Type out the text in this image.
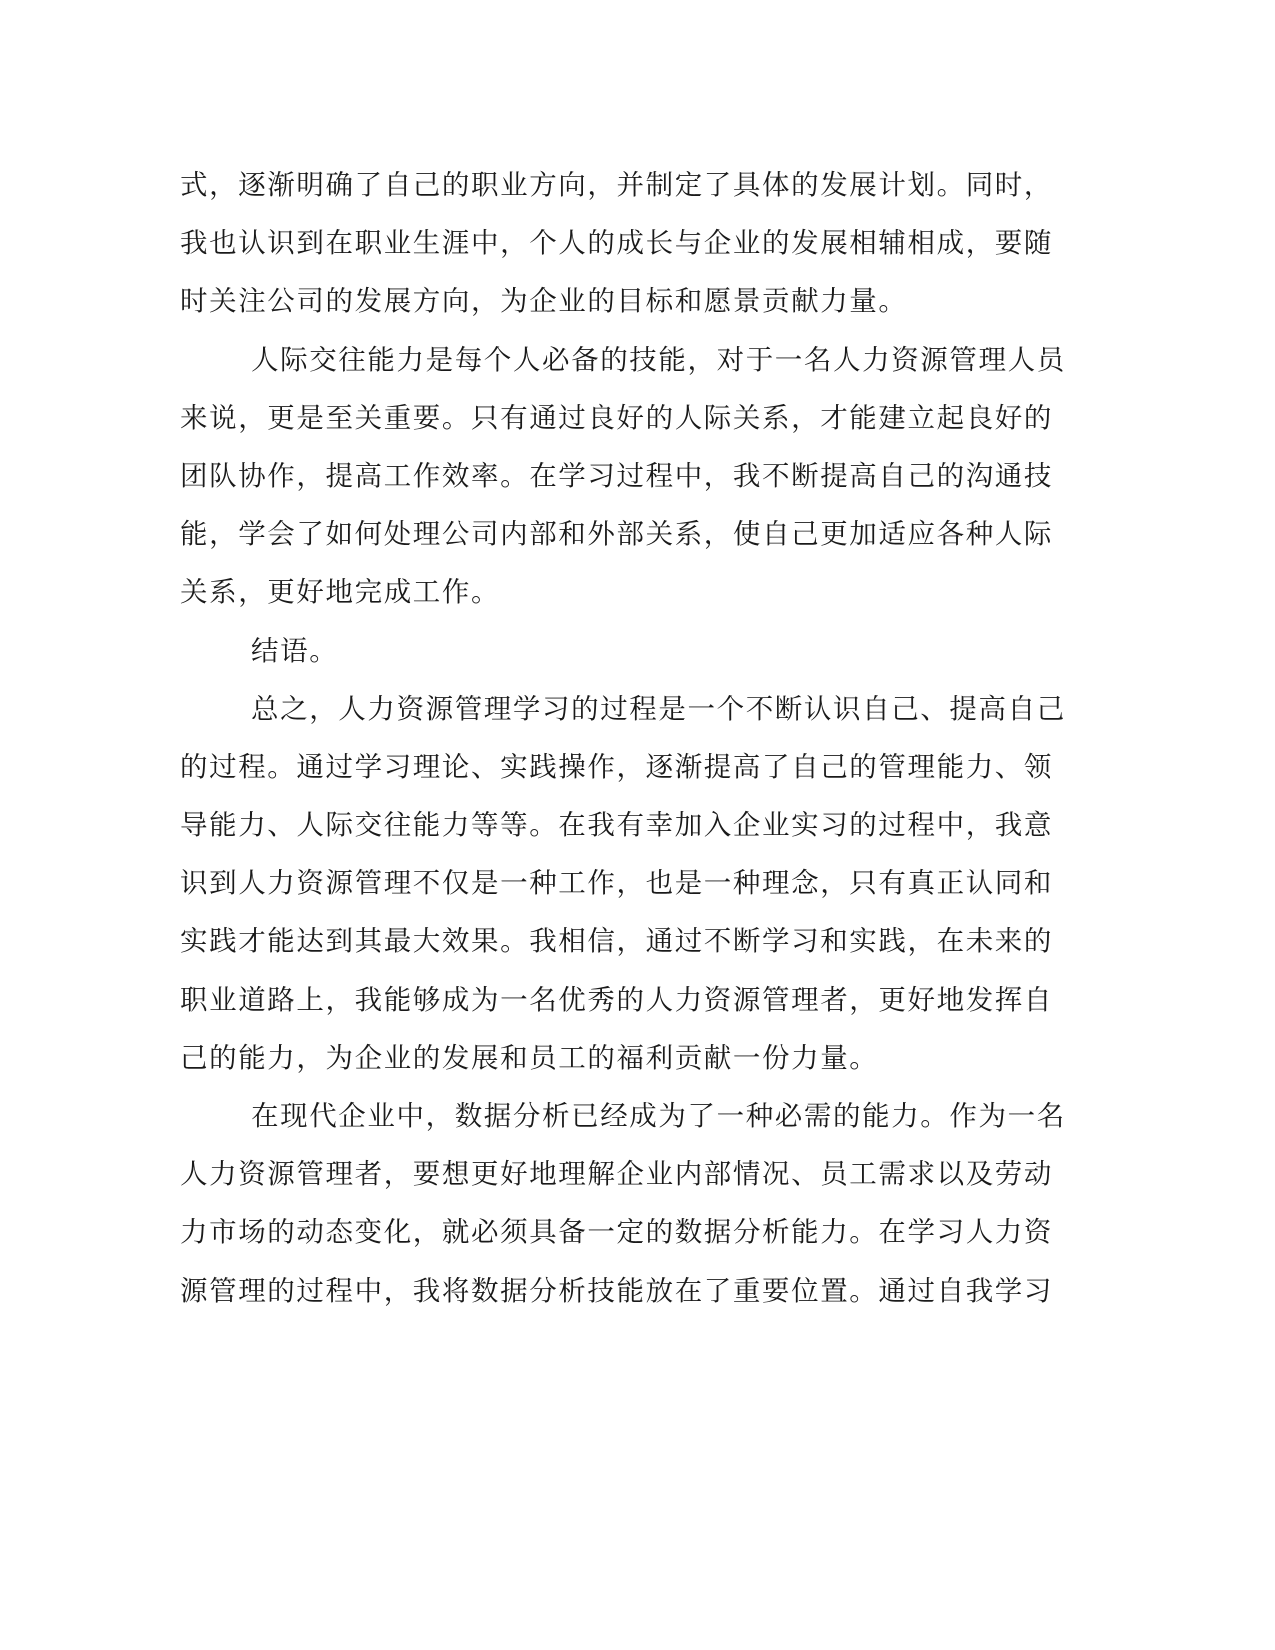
式，逐渐明确了自己的职业方向，并制定了具体的发展计划。同时，
我也认识到在职业生涯中，个人的成长与企业的发展相辅相成，要随
时关注公司的发展方向，为企业的目标和愿景贡献力量。
人际交往能力是每个人必备的技能，对于一名人力资源管理人员
来说，更是至关重要。只有通过良好的人际关系，才能建立起良好的
团队协作，提高工作效率。在学习过程中，我不断提高自己的沟通技
能，学会了如何处理公司内部和外部关系，使自己更加适应各种人际
关系，更好地完成工作。
结语。
总之，人力资源管理学习的过程是一个不断认识自己、提高自己
的过程。通过学习理论、实践操作，逐渐提高了自己的管理能力、领
导能力、人际交往能力等等。在我有幸加入企业实习的过程中，我意
识到人力资源管理不仅是一种工作，也是一种理念，只有真正认同和
实践才能达到其最大效果。我相信，通过不断学习和实践，在未来的
职业道路上，我能够成为一名优秀的人力资源管理者，更好地发挥自
己的能力，为企业的发展和员工的福利贡献一份力量。
在现代企业中，数据分析已经成为了一种必需的能力。作为一名
人力资源管理者，要想更好地理解企业内部情况、员工需求以及劳动
力市场的动态变化，就必须具备一定的数据分析能力。在学习人力资
源管理的过程中，我将数据分析技能放在了重要位置。通过自我学习
